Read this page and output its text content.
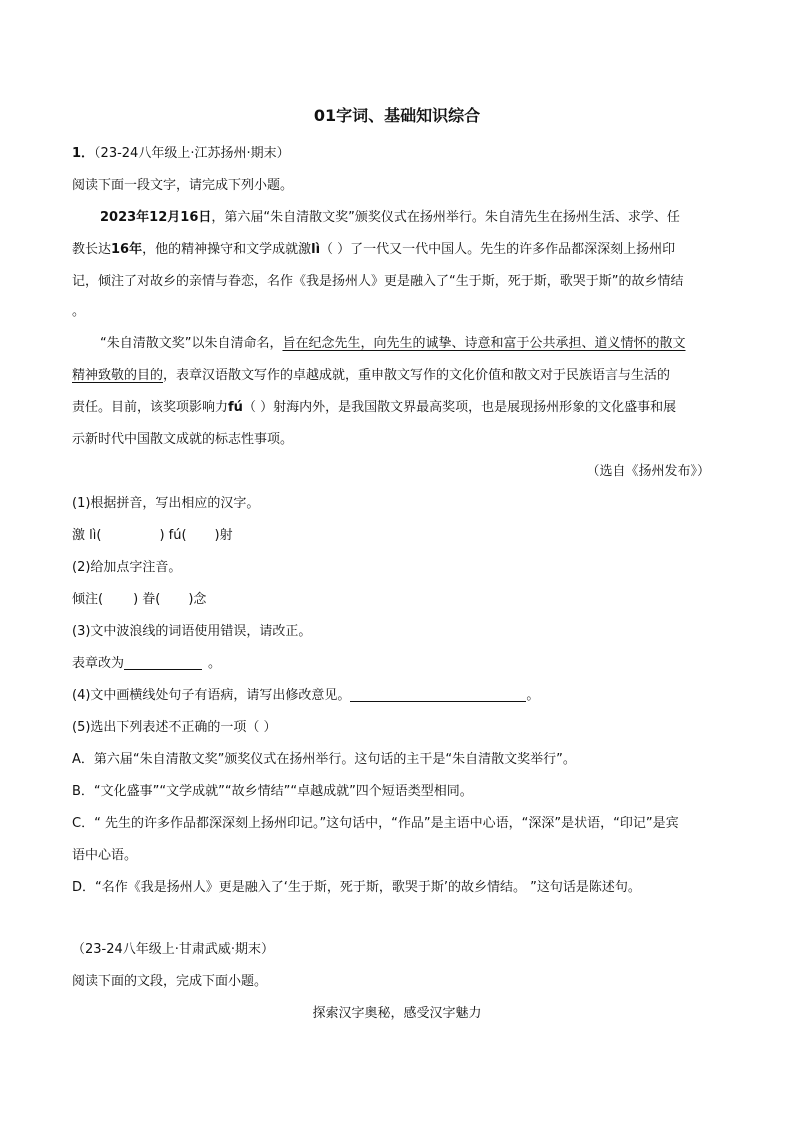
01字词、基础知识综合
1．（23-24八年级上·江苏扬州·期末）
阅读下面一段文字，请完成下列小题。
2023年12月16日，第六届“朱自清散文奖”颁奖仪式在扬州举行。朱自清先生在扬州生活、求学、任
教长达16年，他的精神操守和文学成就激lì（ ）了一代又一代中国人。先生的许多作品都深深刻上扬州印
记，倾注了对故乡的亲情与眷恋，名作《我是扬州人》更是融入了“生于斯，死于斯，歌哭于斯”的故乡情结
。
“朱自清散文奖”以朱自清命名，旨在纪念先生，向先生的诚挚、诗意和富于公共承担、道义情怀的散文
精神致敬的目的，表章汉语散文写作的卓越成就，重申散文写作的文化价值和散文对于民族语言与生活的
责任。目前，该奖项影响力fú（ ）射海内外，是我国散文界最高奖项，也是展现扬州形象的文化盛事和展
示新时代中国散文成就的标志性事项。
（选自《扬州发布》）
(1)根据拼音，写出相应的汉字。
激 lì(	) fú( )射
(2)给加点字注音。
倾注( ) 眷( )念
(3)文中波浪线的词语使用错误，请改正。
表章改为	。
(4)文中画横线处句子有语病，请写出修改意见。	。
(5)选出下列表述不正确的一项（ ）
A．第六届“朱自清散文奖”颁奖仪式在扬州举行。这句话的主干是“朱自清散文奖举行”。
B．“文化盛事”“文学成就”“故乡情结”“卓越成就”四个短语类型相同。
C．“ 先生的许多作品都深深刻上扬州印记。”这句话中，“作品”是主语中心语，“深深”是状语，“印记”是宾
语中心语。
D．“名作《我是扬州人》更是融入了‘生于斯，死于斯，歌哭于斯’的故乡情结。 ”这句话是陈述句。
（23-24八年级上·甘肃武威·期末）
阅读下面的文段，完成下面小题。
探索汉字奥秘，感受汉字魅力
